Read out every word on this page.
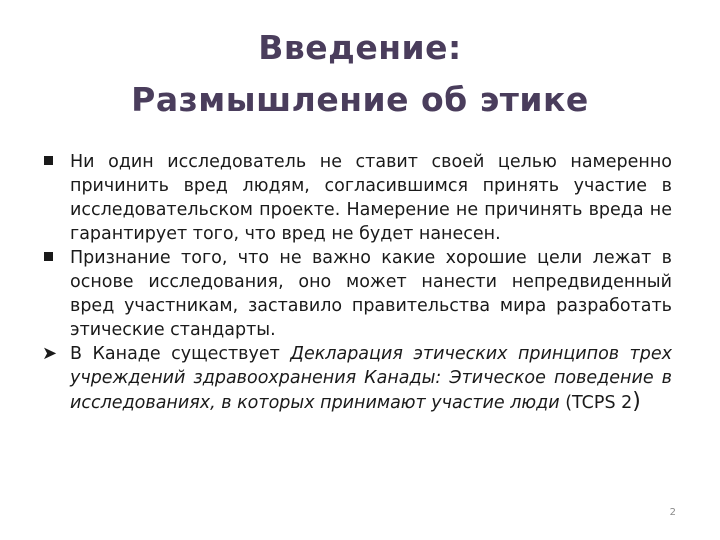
Введение:
Размышление об этике
Ни один исследователь не ставит своей целью намеренно причинить вред людям, согласившимся принять участие в исследовательском проекте. Намерение не причинять вреда не гарантирует того, что вред не будет нанесен.
Признание того, что не важно какие хорошие цели лежат в основе исследования, оно может нанести непредвиденный вред участникам, заставило правительства мира разработать этические стандарты.
➤ В Канаде существует Декларация этических принципов трех учреждений здравоохранения Канады: Этическое поведение в исследованиях, в которых принимают участие люди (TCPS 2)
2
